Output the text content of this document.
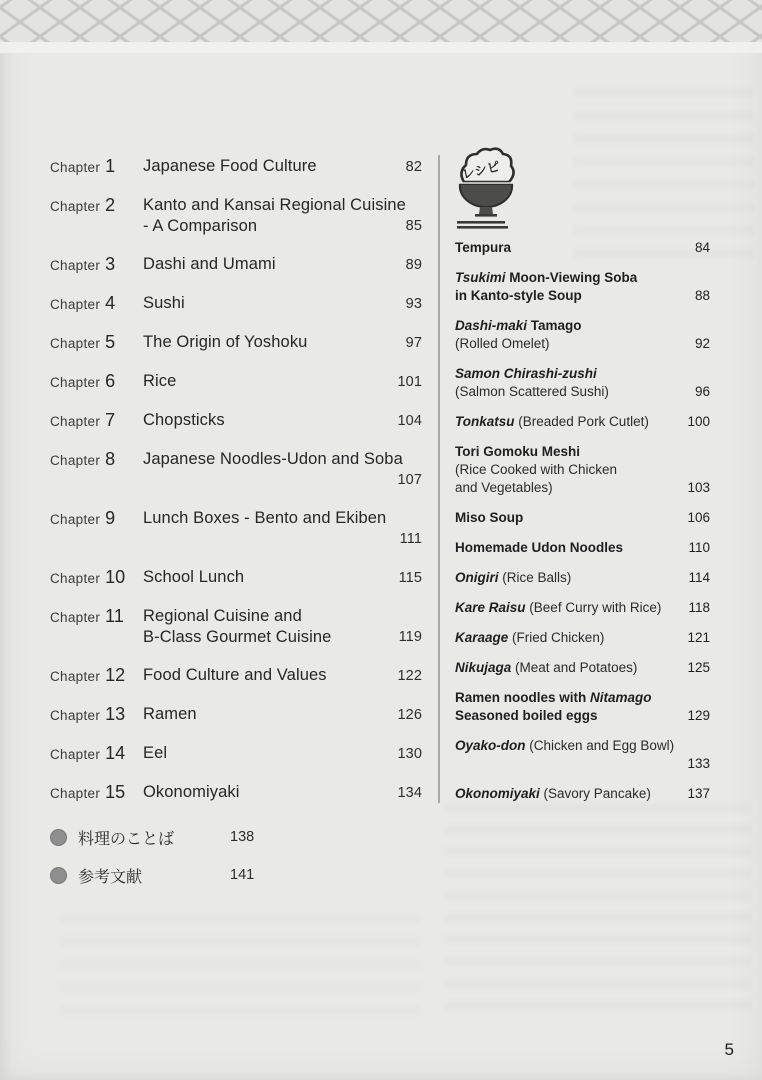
Chapter 1	Japanese Food Culture	82
Chapter 2	Kanto and Kansai Regional Cuisine
- A Comparison	85
Chapter 3	Dashi and Umami	89
Chapter 4	Sushi	93
Chapter 5	The Origin of Yoshoku	97
Chapter 6	Rice	101
Chapter 7	Chopsticks	104
Chapter 8	Japanese Noodles-Udon and Soba

107
Chapter 9	Lunch Boxes - Bento and Ekiben

111
Chapter 10	School Lunch	115
Chapter 11	Regional Cuisine and
B-Class Gourmet Cuisine	119
Chapter 12	Food Culture and Values	122
Chapter 13	Ramen	126
Chapter 14	Eel	130
Chapter 15	Okonomiyaki	134
レシピ
Tempura	84
Tsukimi Moon-Viewing Soba
in Kanto-style Soup	88
Dashi-maki Tamago
(Rolled Omelet)	92
Samon Chirashi-zushi
(Salmon Scattered Sushi)	96
Tonkatsu (Breaded Pork Cutlet)	100
Tori Gomoku Meshi
(Rice Cooked with Chicken
and Vegetables)	103
Miso Soup	106
Homemade Udon Noodles	110
Onigiri (Rice Balls)	114
Kare Raisu (Beef Curry with Rice) 118
Karaage (Fried Chicken)	121
Nikujaga (Meat and Potatoes)	125
Ramen noodles with Nitamago
Seasoned boiled eggs	129
Oyako-don (Chicken and Egg Bowl)

133
Okonomiyaki (Savory Pancake)	137
料理のことば	138
参考文献	141
5
